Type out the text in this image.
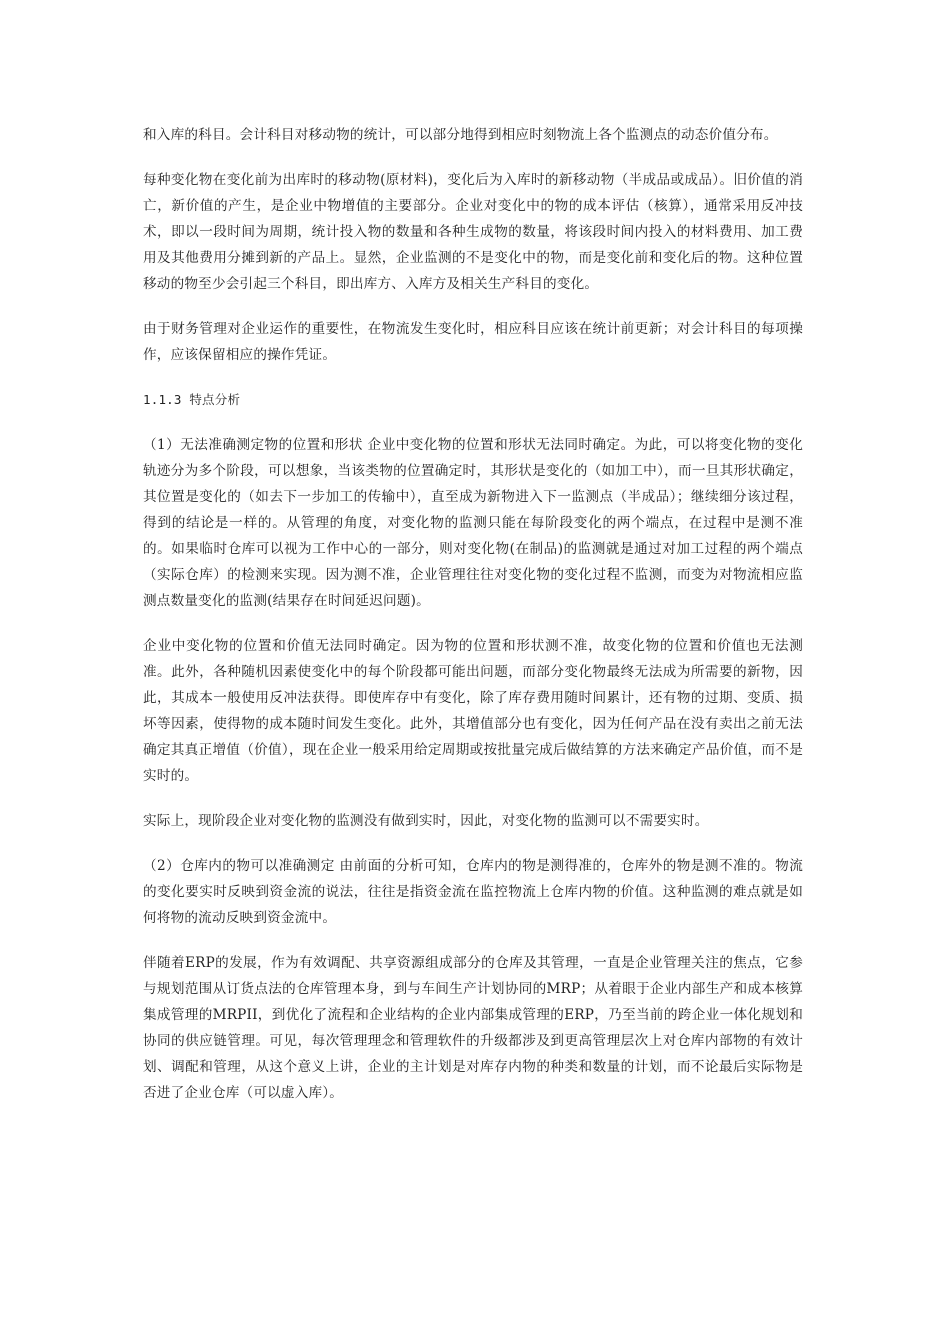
和入库的科目。会计科目对移动物的统计，可以部分地得到相应时刻物流上各个监测点的动态价值分布。

每种变化物在变化前为出库时的移动物(原材料)，变化后为入库时的新移动物（半成品或成品）。旧价值的消亡，新价值的产生，是企业中物增值的主要部分。企业对变化中的物的成本评估（核算），通常采用反冲技术，即以一段时间为周期，统计投入物的数量和各种生成物的数量，将该段时间内投入的材料费用、加工费用及其他费用分摊到新的产品上。显然，企业监测的不是变化中的物，而是变化前和变化后的物。这种位置移动的物至少会引起三个科目，即出库方、入库方及相关生产科目的变化。

由于财务管理对企业运作的重要性，在物流发生变化时，相应科目应该在统计前更新；对会计科目的每项操作，应该保留相应的操作凭证。

1.1.3 特点分析

（1）无法准确测定物的位置和形状 企业中变化物的位置和形状无法同时确定。为此，可以将变化物的变化轨迹分为多个阶段，可以想象，当该类物的位置确定时，其形状是变化的（如加工中），而一旦其形状确定，其位置是变化的（如去下一步加工的传输中），直至成为新物进入下一监测点（半成品）；继续细分该过程，得到的结论是一样的。从管理的角度，对变化物的监测只能在每阶段变化的两个端点，在过程中是测不准的。如果临时仓库可以视为工作中心的一部分，则对变化物(在制品)的监测就是通过对加工过程的两个端点（实际仓库）的检测来实现。因为测不准，企业管理往往对变化物的变化过程不监测，而变为对物流相应监测点数量变化的监测(结果存在时间延迟问题)。

企业中变化物的位置和价值无法同时确定。因为物的位置和形状测不准，故变化物的位置和价值也无法测准。此外，各种随机因素使变化中的每个阶段都可能出问题，而部分变化物最终无法成为所需要的新物，因此，其成本一般使用反冲法获得。即使库存中有变化，除了库存费用随时间累计，还有物的过期、变质、损坏等因素，使得物的成本随时间发生变化。此外，其增值部分也有变化，因为任何产品在没有卖出之前无法确定其真正增值（价值），现在企业一般采用给定周期或按批量完成后做结算的方法来确定产品价值，而不是实时的。

实际上，现阶段企业对变化物的监测没有做到实时，因此，对变化物的监测可以不需要实时。

（2）仓库内的物可以准确测定 由前面的分析可知，仓库内的物是测得准的，仓库外的物是测不准的。物流的变化要实时反映到资金流的说法，往往是指资金流在监控物流上仓库内物的价值。这种监测的难点就是如何将物的流动反映到资金流中。

伴随着ERP的发展，作为有效调配、共享资源组成部分的仓库及其管理，一直是企业管理关注的焦点，它参与规划范围从订货点法的仓库管理本身，到与车间生产计划协同的MRP；从着眼于企业内部生产和成本核算集成管理的MRPII，到优化了流程和企业结构的企业内部集成管理的ERP，乃至当前的跨企业一体化规划和协同的供应链管理。可见，每次管理理念和管理软件的升级都涉及到更高管理层次上对仓库内部物的有效计划、调配和管理，从这个意义上讲，企业的主计划是对库存内物的种类和数量的计划，而不论最后实际物是否进了企业仓库（可以虚入库）。
